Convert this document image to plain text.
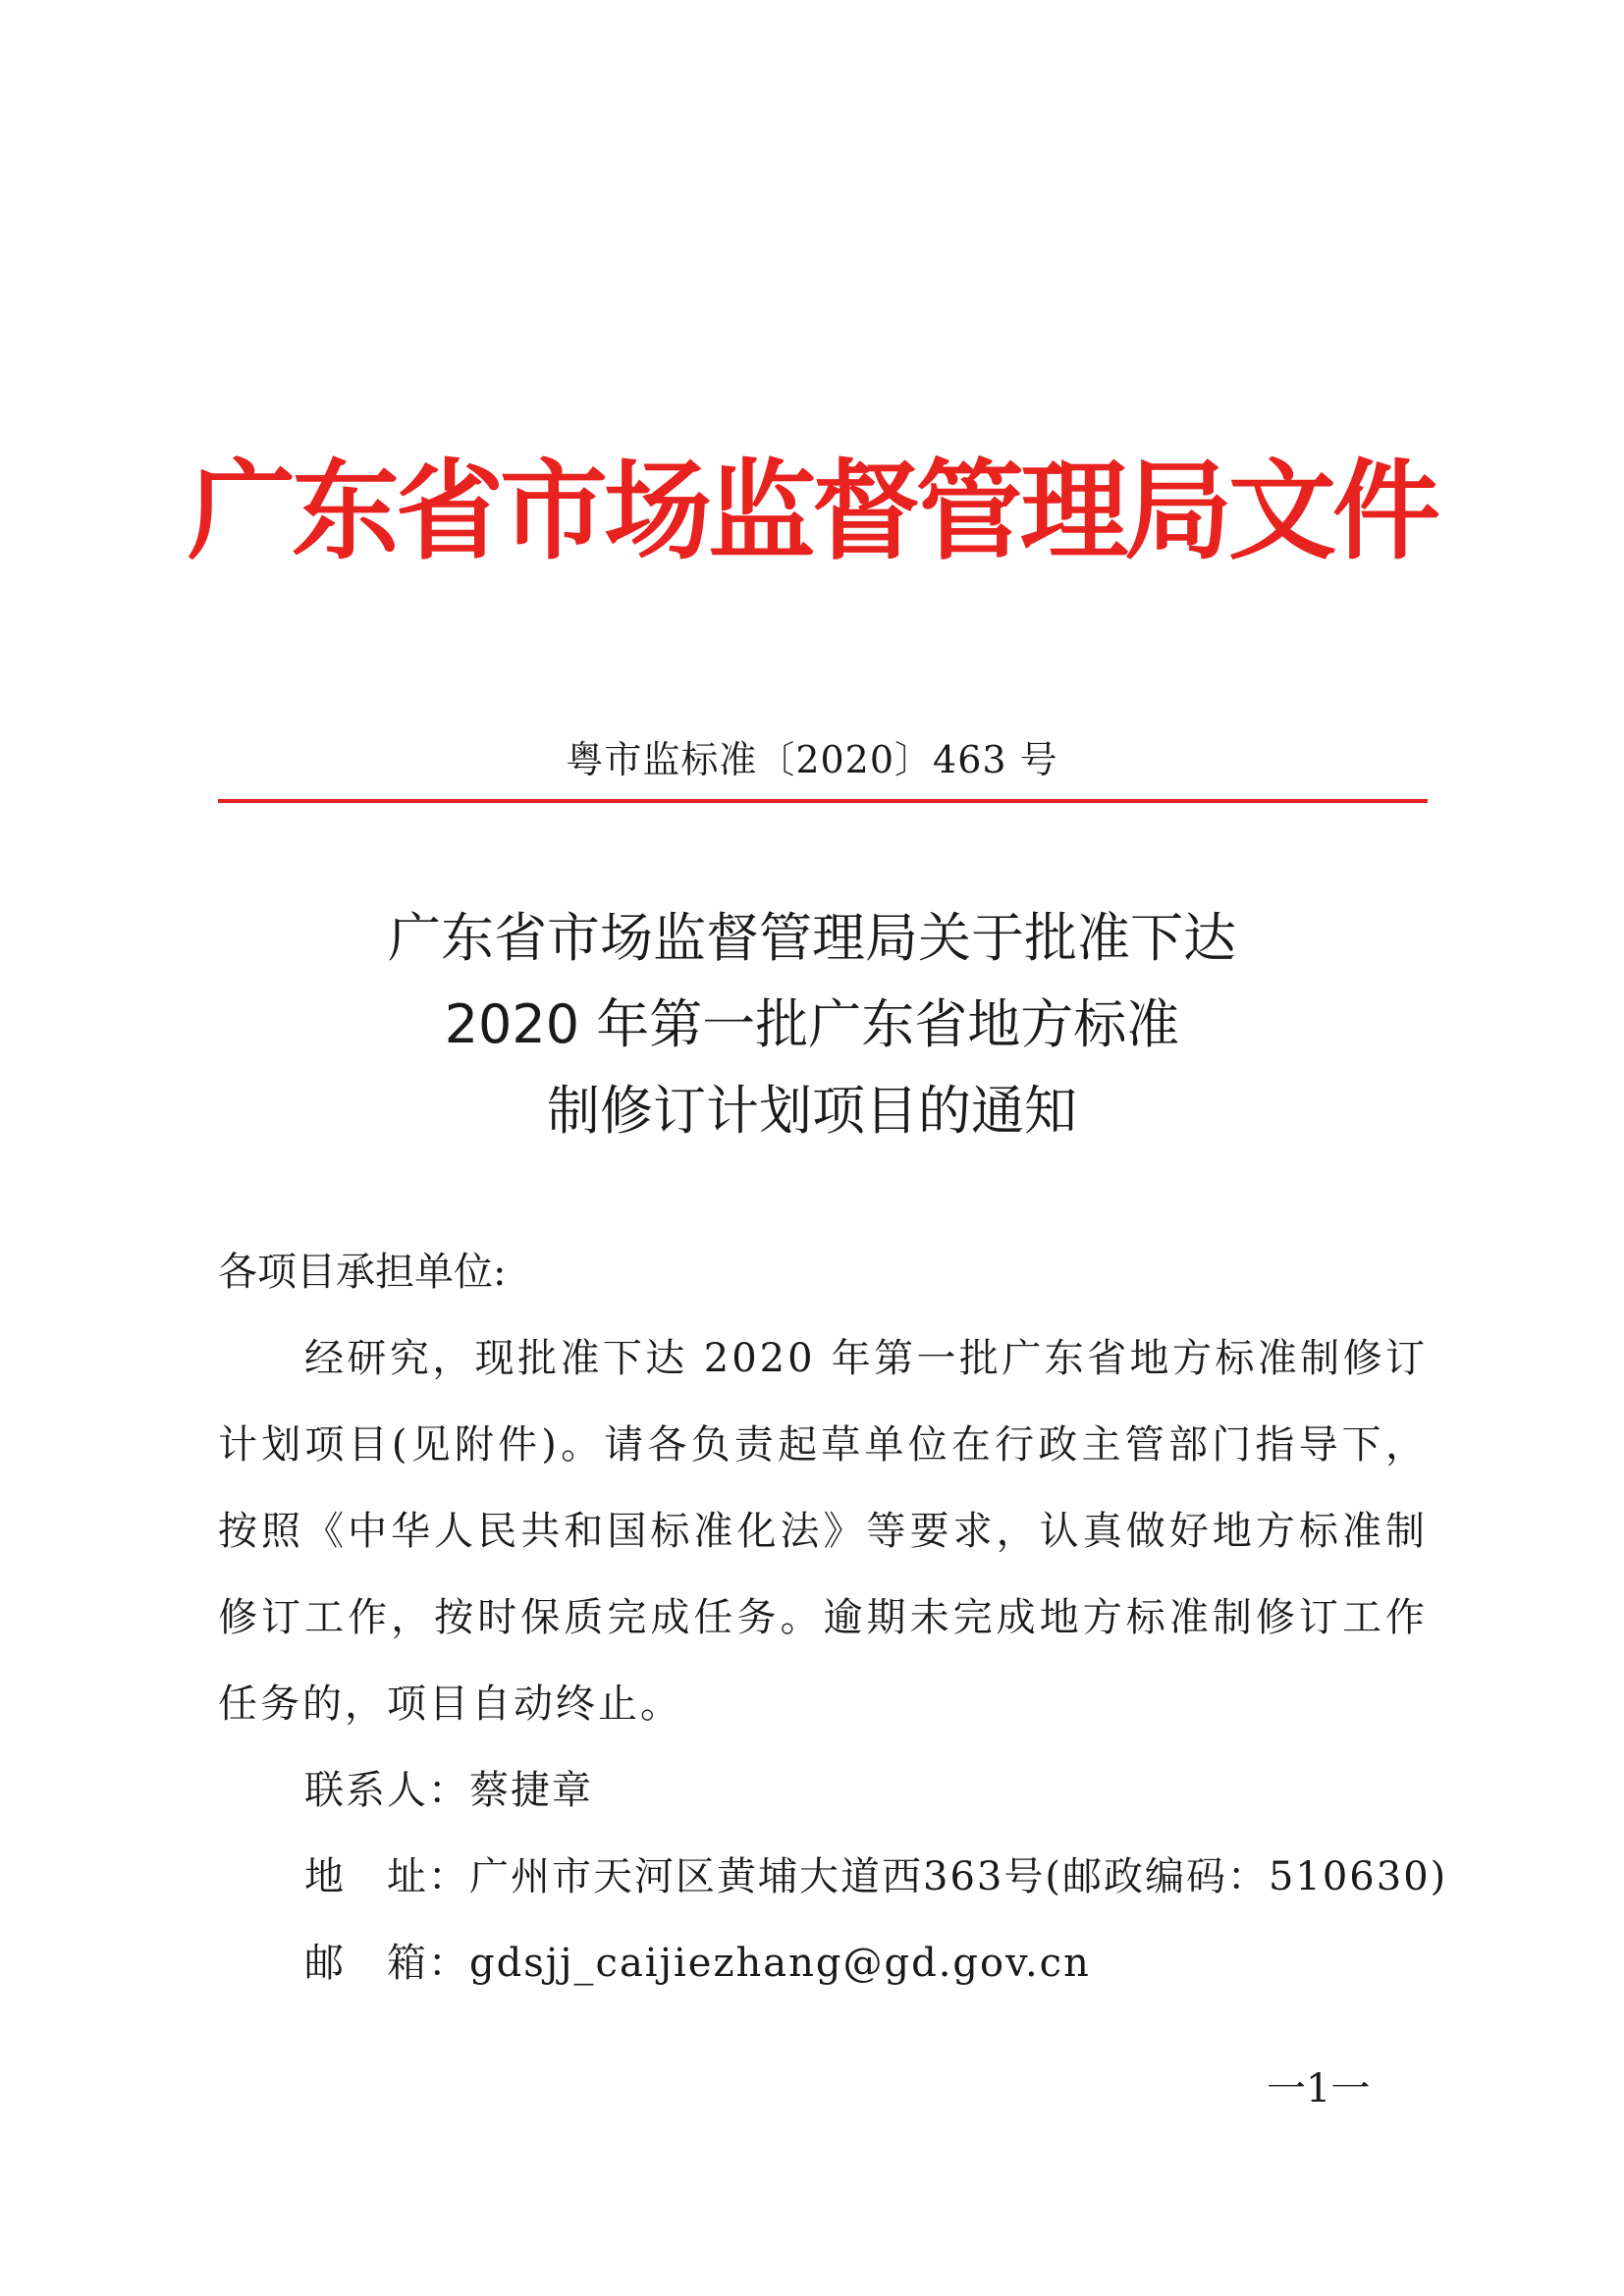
广东省市场监督管理局文件
粤市监标准〔2020〕463 号
广东省市场监督管理局关于批准下达
2020 年第一批广东省地方标准
制修订计划项目的通知
各项目承担单位:
经研究，现批准下达 2020 年第一批广东省地方标准制修订计划项目(见附件)。请各负责起草单位在行政主管部门指导下，按照《中华人民共和国标准化法》等要求，认真做好地方标准制修订工作，按时保质完成任务。逾期未完成地方标准制修订工作任务的，项目自动终止。
联系人：蔡捷章
地　址：广州市天河区黄埔大道西363号(邮政编码：510630)
邮　箱：gdsjj_caijiezhang@gd.gov.cn
一1一
